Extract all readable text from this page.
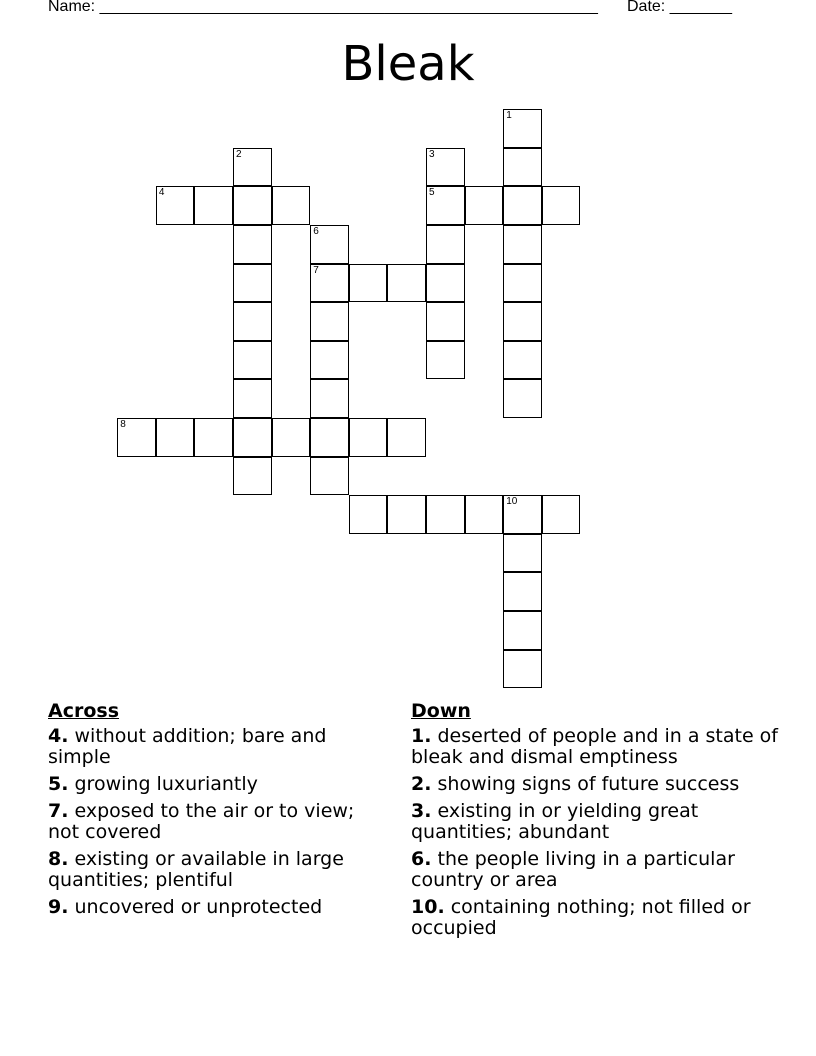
Name: ________________________________________________________ Date: _______
Bleak
1
2	3
5
4
6
7
8
10
Across
4. without addition; bare and simple
5. growing luxuriantly
7. exposed to the air or to view; not covered
8. existing or available in large quantities; plentiful
9. uncovered or unprotected
Down
1. deserted of people and in a state of bleak and dismal emptiness
2. showing signs of future success
3. existing in or yielding great quantities; abundant
6. the people living in a particular country or area
10. containing nothing; not filled or occupied
